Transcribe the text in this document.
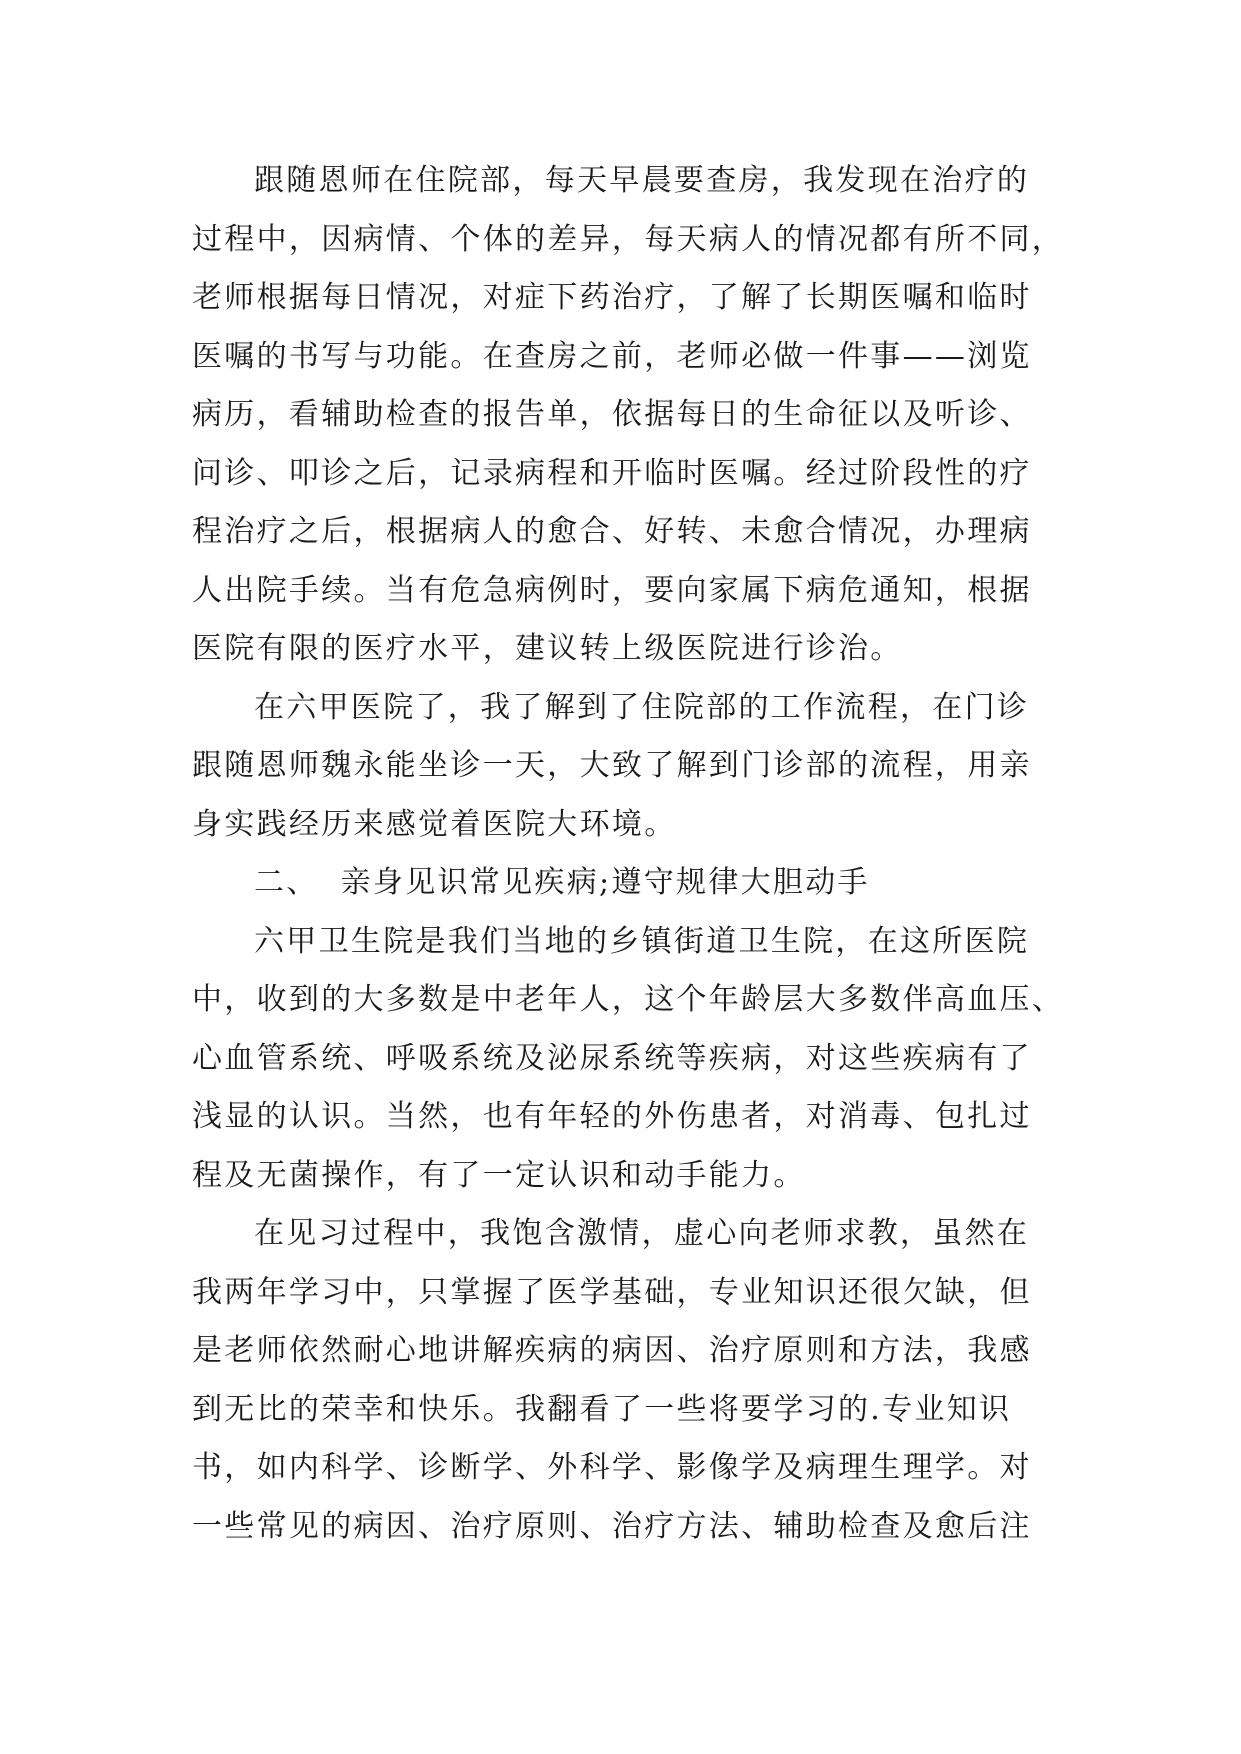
跟随恩师在住院部，每天早晨要查房，我发现在治疗的
过程中，因病情、个体的差异，每天病人的情况都有所不同，
老师根据每日情况，对症下药治疗，了解了长期医嘱和临时
医嘱的书写与功能。在查房之前，老师必做一件事——浏览
病历，看辅助检查的报告单，依据每日的生命征以及听诊、
问诊、叩诊之后，记录病程和开临时医嘱。经过阶段性的疗
程治疗之后，根据病人的愈合、好转、未愈合情况，办理病
人出院手续。当有危急病例时，要向家属下病危通知，根据
医院有限的医疗水平，建议转上级医院进行诊治。
在六甲医院了，我了解到了住院部的工作流程，在门诊
跟随恩师魏永能坐诊一天，大致了解到门诊部的流程，用亲
身实践经历来感觉着医院大环境。
二、 亲身见识常见疾病;遵守规律大胆动手
六甲卫生院是我们当地的乡镇街道卫生院，在这所医院
中，收到的大多数是中老年人，这个年龄层大多数伴高血压、
心血管系统、呼吸系统及泌尿系统等疾病，对这些疾病有了
浅显的认识。当然，也有年轻的外伤患者，对消毒、包扎过
程及无菌操作，有了一定认识和动手能力。
在见习过程中，我饱含激情，虚心向老师求教，虽然在
我两年学习中，只掌握了医学基础，专业知识还很欠缺，但
是老师依然耐心地讲解疾病的病因、治疗原则和方法，我感
到无比的荣幸和快乐。我翻看了一些将要学习的.专业知识
书，如内科学、诊断学、外科学、影像学及病理生理学。对
一些常见的病因、治疗原则、治疗方法、辅助检查及愈后注
